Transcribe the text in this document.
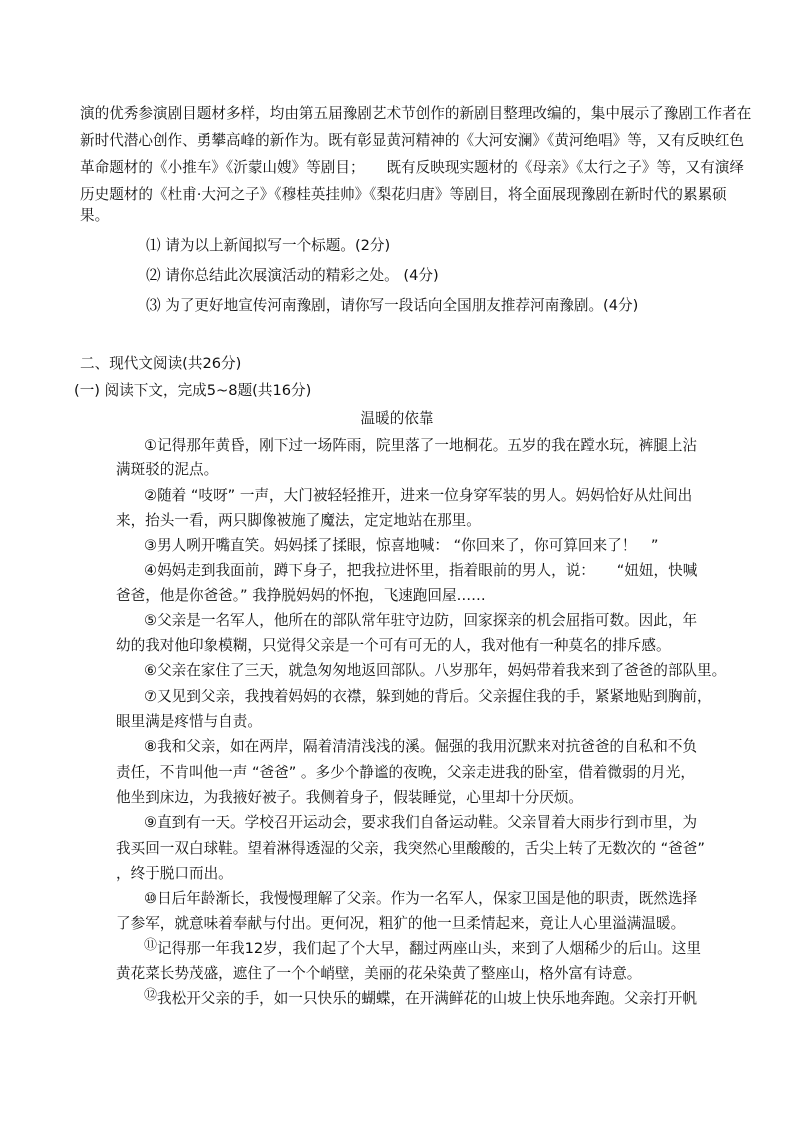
演的优秀参演剧目题材多样，均由第五届豫剧艺术节创作的新剧目整理改编的，集中展示了豫剧工作者在
新时代潜心创作、勇攀高峰的新作为。既有彰显黄河精神的《大河安澜》《黄河绝唱》等，又有反映红色
革命题材的《小推车》《沂蒙山嫂》等剧目；　　既有反映现实题材的《母亲》《太行之子》等，又有演绎
历史题材的《杜甫·大河之子》《穆桂英挂帅》《梨花归唐》等剧目，将全面展现豫剧在新时代的累累硕
果。
⑴ 请为以上新闻拟写一个标题。(2分)
⑵ 请你总结此次展演活动的精彩之处。 (4分)
⑶ 为了更好地宣传河南豫剧，请你写一段话向全国朋友推荐河南豫剧。(4分)
二、现代文阅读(共26分)
(一) 阅读下文，完成5~8题(共16分)
温暖的依靠
①记得那年黄昏，刚下过一场阵雨，院里落了一地桐花。五岁的我在蹚水玩，裤腿上沾
满斑驳的泥点。
②随着 “吱呀” 一声，大门被轻轻推开，进来一位身穿军装的男人。妈妈恰好从灶间出
来，抬头一看，两只脚像被施了魔法，定定地站在那里。
③男人咧开嘴直笑。妈妈揉了揉眼，惊喜地喊： “你回来了，你可算回来了！　”
④妈妈走到我面前，蹲下身子，把我拉进怀里，指着眼前的男人，说：　　“妞妞，快喊
爸爸，他是你爸爸。” 我挣脱妈妈的怀抱，飞速跑回屋……
⑤父亲是一名军人，他所在的部队常年驻守边防，回家探亲的机会屈指可数。因此，年
幼的我对他印象模糊，只觉得父亲是一个可有可无的人，我对他有一种莫名的排斥感。
⑥父亲在家住了三天，就急匆匆地返回部队。八岁那年，妈妈带着我来到了爸爸的部队里。
⑦又见到父亲，我拽着妈妈的衣襟，躲到她的背后。父亲握住我的手，紧紧地贴到胸前，
眼里满是疼惜与自责。
⑧我和父亲，如在两岸，隔着清清浅浅的溪。倔强的我用沉默来对抗爸爸的自私和不负
责任，不肯叫他一声 “爸爸” 。多少个静谧的夜晚，父亲走进我的卧室，借着微弱的月光，
他坐到床边，为我掖好被子。我侧着身子，假装睡觉，心里却十分厌烦。
⑨直到有一天。学校召开运动会，要求我们自备运动鞋。父亲冒着大雨步行到市里，为
我买回一双白球鞋。望着淋得透湿的父亲，我突然心里酸酸的，舌尖上转了无数次的 “爸爸”
，终于脱口而出。
⑩日后年龄渐长，我慢慢理解了父亲。作为一名军人，保家卫国是他的职责，既然选择
了参军，就意味着奉献与付出。更何况，粗犷的他一旦柔情起来，竟让人心里溢满温暖。
⑪记得那一年我12岁，我们起了个大早，翻过两座山头，来到了人烟稀少的后山。这里
黄花菜长势茂盛，遮住了一个个峭壁，美丽的花朵染黄了整座山，格外富有诗意。
⑫我松开父亲的手，如一只快乐的蝴蝶，在开满鲜花的山坡上快乐地奔跑。父亲打开帆
